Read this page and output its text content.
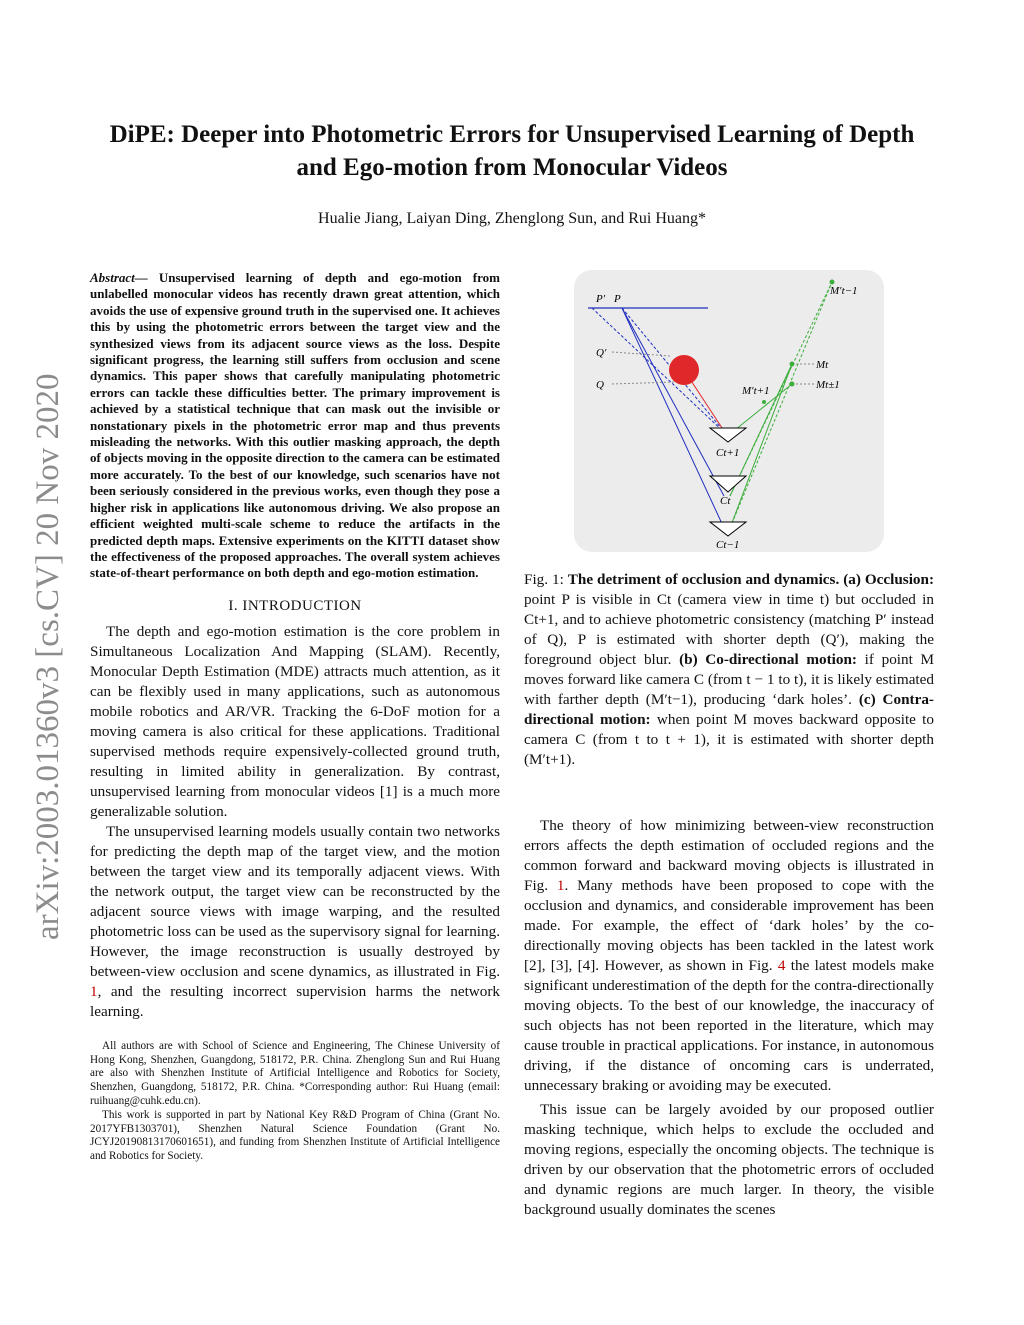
arXiv:2003.01360v3 [cs.CV] 20 Nov 2020
DiPE: Deeper into Photometric Errors for Unsupervised Learning of Depth and Ego-motion from Monocular Videos
Hualie Jiang, Laiyan Ding, Zhenglong Sun, and Rui Huang*
Abstract— Unsupervised learning of depth and ego-motion from unlabelled monocular videos has recently drawn great attention, which avoids the use of expensive ground truth in the supervised one. It achieves this by using the photometric errors between the target view and the synthesized views from its adjacent source views as the loss. Despite significant progress, the learning still suffers from occlusion and scene dynamics. This paper shows that carefully manipulating photometric errors can tackle these difficulties better. The primary improvement is achieved by a statistical technique that can mask out the invisible or nonstationary pixels in the photometric error map and thus prevents misleading the networks. With this outlier masking approach, the depth of objects moving in the opposite direction to the camera can be estimated more accurately. To the best of our knowledge, such scenarios have not been seriously considered in the previous works, even though they pose a higher risk in applications like autonomous driving. We also propose an efficient weighted multi-scale scheme to reduce the artifacts in the predicted depth maps. Extensive experiments on the KITTI dataset show the effectiveness of the proposed approaches. The overall system achieves state-of-theart performance on both depth and ego-motion estimation.
I. INTRODUCTION

The depth and ego-motion estimation is the core problem in Simultaneous Localization And Mapping (SLAM). Recently, Monocular Depth Estimation (MDE) attracts much attention, as it can be flexibly used in many applications, such as autonomous mobile robotics and AR/VR. Tracking the 6-DoF motion for a moving camera is also critical for these applications. Traditional supervised methods require expensively-collected ground truth, resulting in limited ability in generalization. By contrast, unsupervised learning from monocular videos [1] is a much more generalizable solution.

The unsupervised learning models usually contain two networks for predicting the depth map of the target view, and the motion between the target view and its temporally adjacent views. With the network output, the target view can be reconstructed by the adjacent source views with image warping, and the resulted photometric loss can be used as the supervisory signal for learning. However, the image reconstruction is usually destroyed by between-view occlusion and scene dynamics, as illustrated in Fig. 1, and the resulting incorrect supervision harms the network learning.

All authors are with School of Science and Engineering, The Chinese University of Hong Kong, Shenzhen, Guangdong, 518172, P.R. China. Zhenglong Sun and Rui Huang are also with Shenzhen Institute of Artificial Intelligence and Robotics for Society, Shenzhen, Guangdong, 518172, P.R. China. *Corresponding author: Rui Huang (email: ruihuang@cuhk.edu.cn).

This work is supported in part by National Key R&D Program of China (Grant No. 2017YFB1303701), Shenzhen Natural Science Foundation (Grant No. JCYJ20190813170601651), and funding from Shenzhen Institute of Artificial Intelligence and Robotics for Society.

P′ P
Q′
Q
M′t−1
Mt
Mt±1
M′t+1
Ct+1
Ct
Ct−1

Fig. 1: The detriment of occlusion and dynamics. (a) Occlusion: point P is visible in Ct (camera view in time t) but occluded in Ct+1, and to achieve photometric consistency (matching P′ instead of Q), P is estimated with shorter depth (Q′), making the foreground object blur. (b) Co-directional motion: if point M moves forward like camera C (from t − 1 to t), it is likely estimated with farther depth (M′t−1), producing ‘dark holes’. (c) Contra-directional motion: when point M moves backward opposite to camera C (from t to t + 1), it is estimated with shorter depth (M′t+1).

The theory of how minimizing between-view reconstruction errors affects the depth estimation of occluded regions and the common forward and backward moving objects is illustrated in Fig. 1. Many methods have been proposed to cope with the occlusion and dynamics, and considerable improvement has been made. For example, the effect of ‘dark holes’ by the co-directionally moving objects has been tackled in the latest work [2], [3], [4]. However, as shown in Fig. 4 the latest models make significant underestimation of the depth for the contra-directionally moving objects. To the best of our knowledge, the inaccuracy of such objects has not been reported in the literature, which may cause trouble in practical applications. For instance, in autonomous driving, if the distance of oncoming cars is underrated, unnecessary braking or avoiding may be executed.

This issue can be largely avoided by our proposed outlier masking technique, which helps to exclude the occluded and moving regions, especially the oncoming objects. The technique is driven by our observation that the photometric errors of occluded and dynamic regions are much larger. In theory, the visible background usually dominates the scenes
